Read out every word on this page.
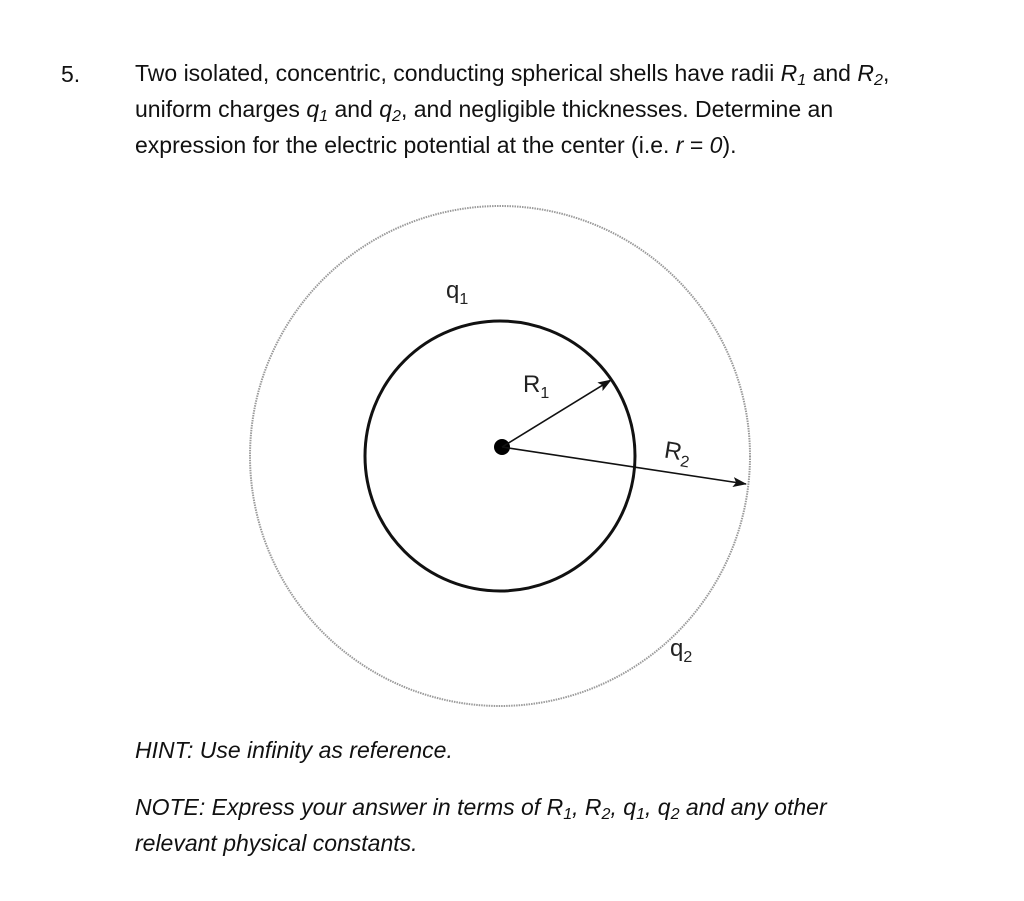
5. Two isolated, concentric, conducting spherical shells have radii $R_1$ and $R_2$,
uniform charges $q_1$ and $q_2$, and negligible thicknesses. Determine an
expression for the electric potential at the center (i.e. r = 0).

$q_1$
$R_1$
$R_2$
$q_2$

HINT: Use infinity as reference.

NOTE: Express your answer in terms of $R_1$, $R_2$, $q_1$, $q_2$ and any other
relevant physical constants.
